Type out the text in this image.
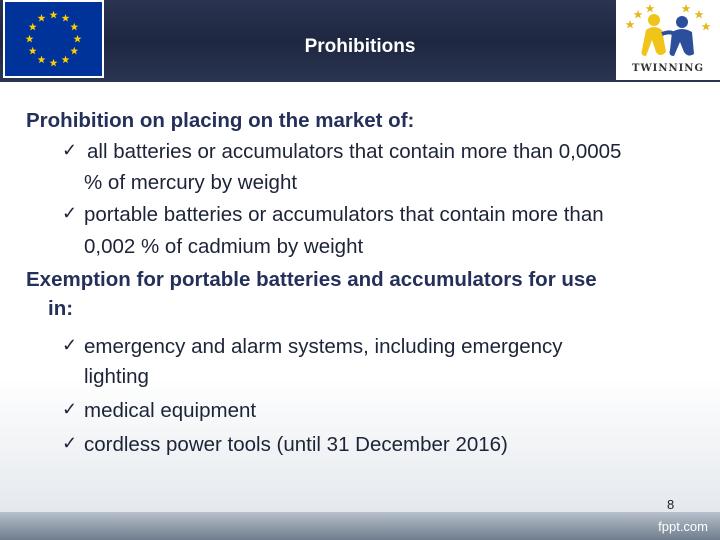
TWINNING
Prohibitions
Prohibition on placing on the market of:
✓ all batteries or accumulators that contain more than 0,0005
% of mercury by weight
✓ portable batteries or accumulators that contain more than
0,002 % of cadmium by weight
Exemption for portable batteries and accumulators for use
in:
✓ emergency and alarm systems, including emergency
lighting
✓ medical equipment
✓ cordless power tools (until 31 December 2016)
8
fppt.com
